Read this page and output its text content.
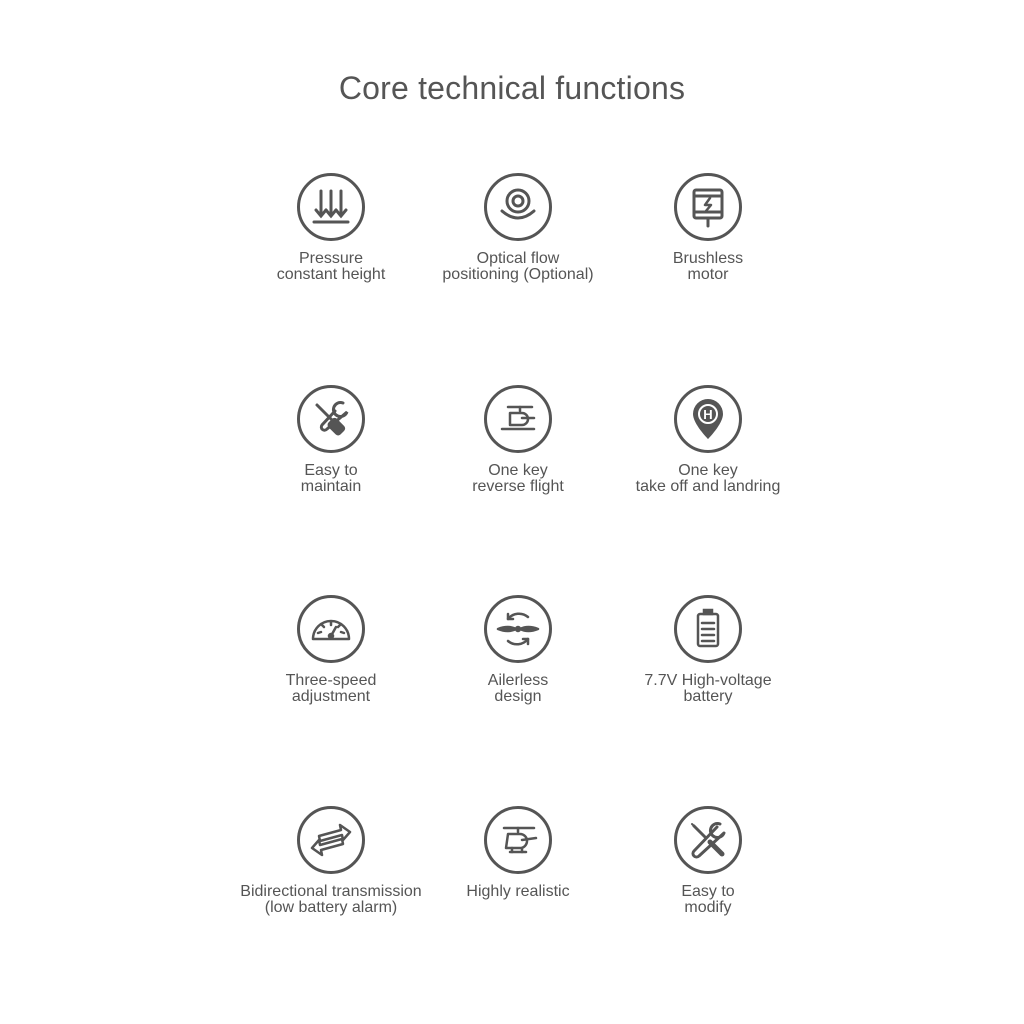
Core technical functions
Pressure
constant height
Optical flow
positioning (Optional)
Brushless
motor
Easy to
maintain
One key
reverse flight
H
One key
take off and landring
Three-speed
adjustment
Ailerless
design
7.7V High-voltage
battery
Bidirectional transmission
(low battery alarm)
Highly realistic	Easy to
modify
